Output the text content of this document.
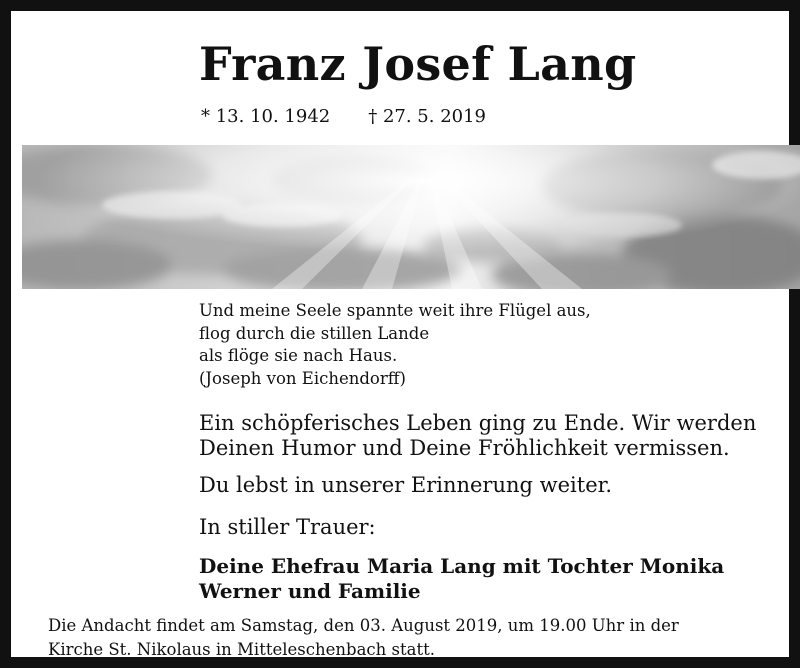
Franz Josef Lang
* 13. 10. 1942 † 27. 5. 2019
Und meine Seele spannte weit ihre Flügel aus,
flog durch die stillen Lande
als flöge sie nach Haus.
(Joseph von Eichendorff)
Ein schöpferisches Leben ging zu Ende. Wir werden
Deinen Humor und Deine Fröhlichkeit vermissen.
Du lebst in unserer Erinnerung weiter.
In stiller Trauer:
Deine Ehefrau Maria Lang mit Tochter Monika
Werner und Familie
Die Andacht findet am Samstag, den 03. August 2019, um 19.00 Uhr in der
Kirche St. Nikolaus in Mitteleschenbach statt.
